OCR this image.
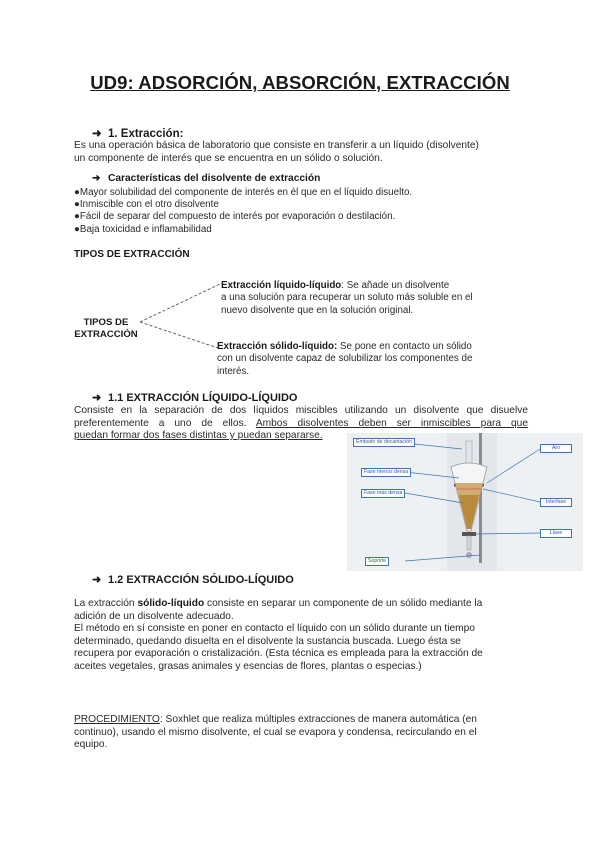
UD9: ADSORCIÓN, ABSORCIÓN, EXTRACCIÓN
➜ 1. Extracción:
Es una operación básica de laboratorio que consiste en transferir a un líquido (disolvente)
un componente de interés que se encuentra en un sólido o solución.
➜ Características del disolvente de extracción
●Mayor solubilidad del componente de interés en él que en el líquido disuelto.
●Inmiscible con el otro disolvente
●Fácil de separar del compuesto de interés por evaporación o destilación.
●Baja toxicidad e inflamabilidad
TIPOS DE EXTRACCIÓN
TIPOS DE
EXTRACCIÓN
Extracción líquido-líquido: Se añade un disolvente
a una solución para recuperar un soluto más soluble en el
nuevo disolvente que en la solución original.
Extracción sólido-líquido: Se pone en contacto un sólido
con un disolvente capaz de solubilizar los componentes de
interés.
➜ 1.1 EXTRACCIÓN LÍQUIDO-LÍQUIDO
Consiste en la separación de dos líquidos miscibles utilizando un disolvente que disuelve
preferentemente a uno de ellos. Ambos disolventes deben ser inmiscibles para que
puedan formar dos fases distintas y puedan separarse.
Embudo de decantación
Fase menos densa
Fase más densa
Soporte
Aro
Interfase
Llave
➜ 1.2 EXTRACCIÓN SÓLIDO-LÍQUIDO
La extracción sólido-líquido consiste en separar un componente de un sólido mediante la
adición de un disolvente adecuado.
El método en sí consiste en poner en contacto el líquido con un sólido durante un tiempo
determinado, quedando disuelta en el disolvente la sustancia buscada. Luego ésta se
recupera por evaporación o cristalización. (Esta técnica es empleada para la extracción de
aceites vegetales, grasas animales y esencias de flores, plantas o especias.)
PROCEDIMIENTO: Soxhlet que realiza múltiples extracciones de manera automática (en
continuo), usando el mismo disolvente, el cual se evapora y condensa, recirculando en el
equipo.
